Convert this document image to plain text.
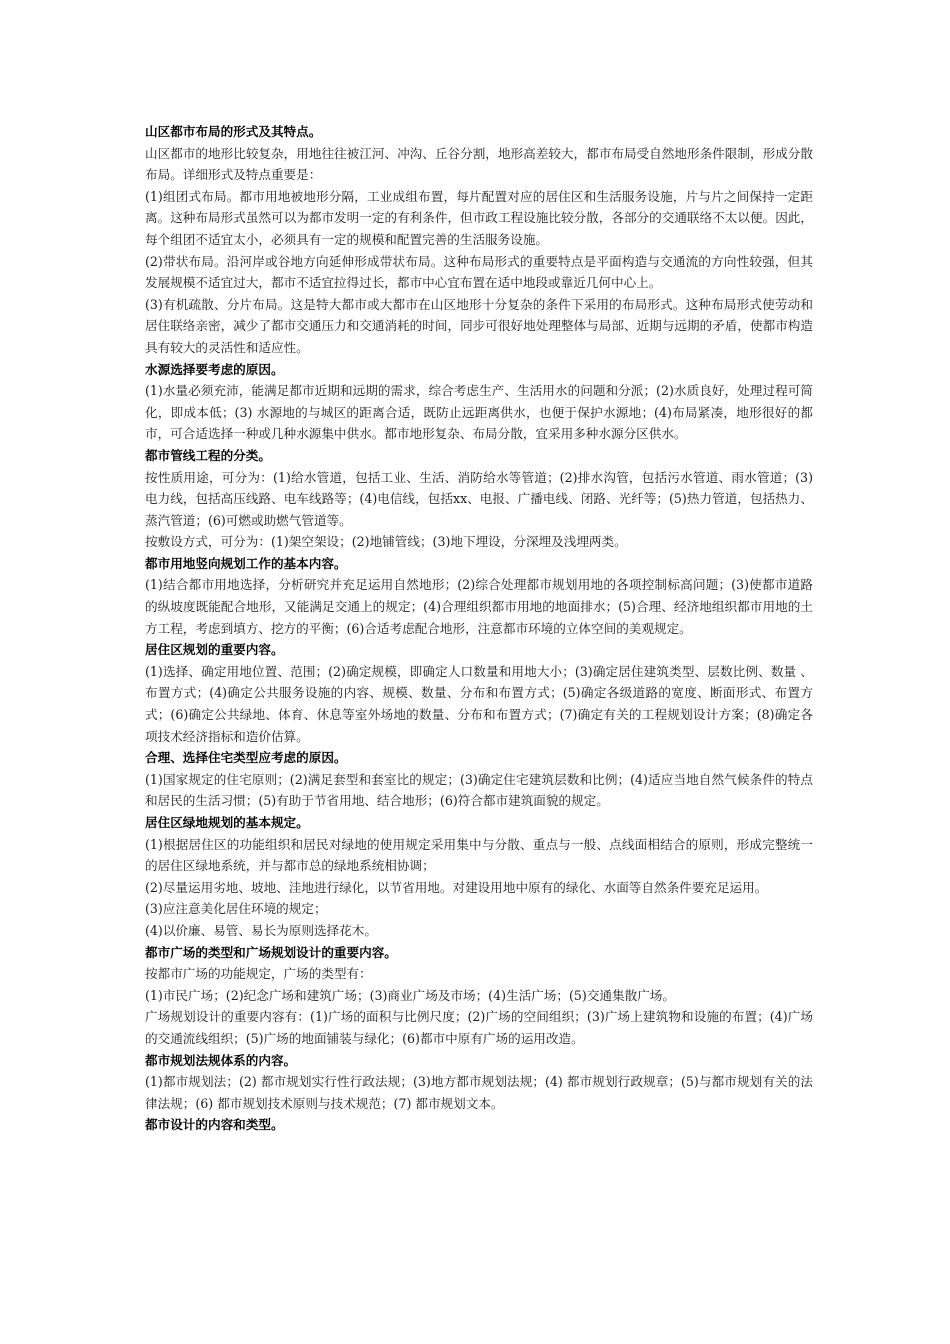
山区都市布局的形式及其特点。

山区都市的地形比较复杂，用地往往被江河、冲沟、丘谷分割，地形高差较大，都市布局受自然地形条件限制，形成分散布局。详细形式及特点重要是：

(1)组团式布局。都市用地被地形分隔，工业成组布置，每片配置对应的居住区和生活服务设施，片与片之间保持一定距离。这种布局形式虽然可以为都市发明一定的有利条件，但市政工程设施比较分散，各部分的交通联络不太以便。因此，每个组团不适宜太小，必须具有一定的规模和配置完善的生活服务设施。

(2)带状布局。沿河岸或谷地方向延伸形成带状布局。这种布局形式的重要特点是平面构造与交通流的方向性较强，但其发展规模不适宜过大，都市不适宜拉得过长，都市中心宜布置在适中地段或靠近几何中心上。

(3)有机疏散、分片布局。这是特大都市或大都市在山区地形十分复杂的条件下采用的布局形式。这种布局形式使劳动和居住联络亲密，减少了都市交通压力和交通消耗的时间，同步可很好地处理整体与局部、近期与远期的矛盾，使都市构造具有较大的灵活性和适应性。

水源选择要考虑的原因。

(1)水量必须充沛，能满足都市近期和远期的需求，综合考虑生产、生活用水的问题和分派；(2)水质良好，处理过程可简化，即成本低；(3) 水源地的与城区的距离合适，既防止远距离供水，也便于保护水源地；(4)布局紧凑，地形很好的都市，可合适选择一种或几种水源集中供水。都市地形复杂、布局分散，宜采用多种水源分区供水。

都市管线工程的分类。

按性质用途，可分为：(1)给水管道，包括工业、生活、消防给水等管道；(2)排水沟管，包括污水管道、雨水管道；(3)电力线，包括高压线路、电车线路等；(4)电信线，包括xx、电报、广播电线、闭路、光纤等；(5)热力管道，包括热力、蒸汽管道；(6)可燃或助燃气管道等。

按敷设方式，可分为：(1)架空架设；(2)地铺管线；(3)地下埋设，分深埋及浅埋两类。

都市用地竖向规划工作的基本内容。

(1)结合都市用地选择，分析研究并充足运用自然地形；(2)综合处理都市规划用地的各项控制标高问题；(3)使都市道路的纵坡度既能配合地形，又能满足交通上的规定；(4)合理组织都市用地的地面排水；(5)合理、经济地组织都市用地的土方工程，考虑到填方、挖方的平衡；(6)合适考虑配合地形，注意都市环境的立体空间的美观规定。

居住区规划的重要内容。

(1)选择、确定用地位置、范围；(2)确定规模，即确定人口数量和用地大小；(3)确定居住建筑类型、层数比例、数量 、布置方式；(4)确定公共服务设施的内容、规模、数量、分布和布置方式；(5)确定各级道路的宽度、断面形式、布置方式；(6)确定公共绿地、体育、休息等室外场地的数量、分布和布置方式；(7)确定有关的工程规划设计方案；(8)确定各项技术经济指标和造价估算。

合理、选择住宅类型应考虑的原因。

(1)国家规定的住宅原则；(2)满足套型和套室比的规定；(3)确定住宅建筑层数和比例；(4)适应当地自然气候条件的特点和居民的生活习惯；(5)有助于节省用地、结合地形；(6)符合都市建筑面貌的规定。

居住区绿地规划的基本规定。

(1)根据居住区的功能组织和居民对绿地的使用规定采用集中与分散、重点与一般、点线面相结合的原则，形成完整统一的居住区绿地系统，并与都市总的绿地系统相协调；

(2)尽量运用劣地、坡地、洼地进行绿化，以节省用地。对建设用地中原有的绿化、水面等自然条件要充足运用。

(3)应注意美化居住环境的规定；

(4)以价廉、易管、易长为原则选择花木。

都市广场的类型和广场规划设计的重要内容。

按都市广场的功能规定，广场的类型有：

(1)市民广场；(2)纪念广场和建筑广场；(3)商业广场及市场；(4)生活广场；(5)交通集散广场。

广场规划设计的重要内容有：(1)广场的面积与比例尺度；(2)广场的空间组织；(3)广场上建筑物和设施的布置；(4)广场的交通流线组织；(5)广场的地面铺装与绿化；(6)都市中原有广场的运用改造。

都市规划法规体系的内容。

(1)都市规划法；(2) 都市规划实行性行政法规；(3)地方都市规划法规；(4) 都市规划行政规章；(5)与都市规划有关的法律法规；(6) 都市规划技术原则与技术规范；(7) 都市规划文本。

都市设计的内容和类型。
